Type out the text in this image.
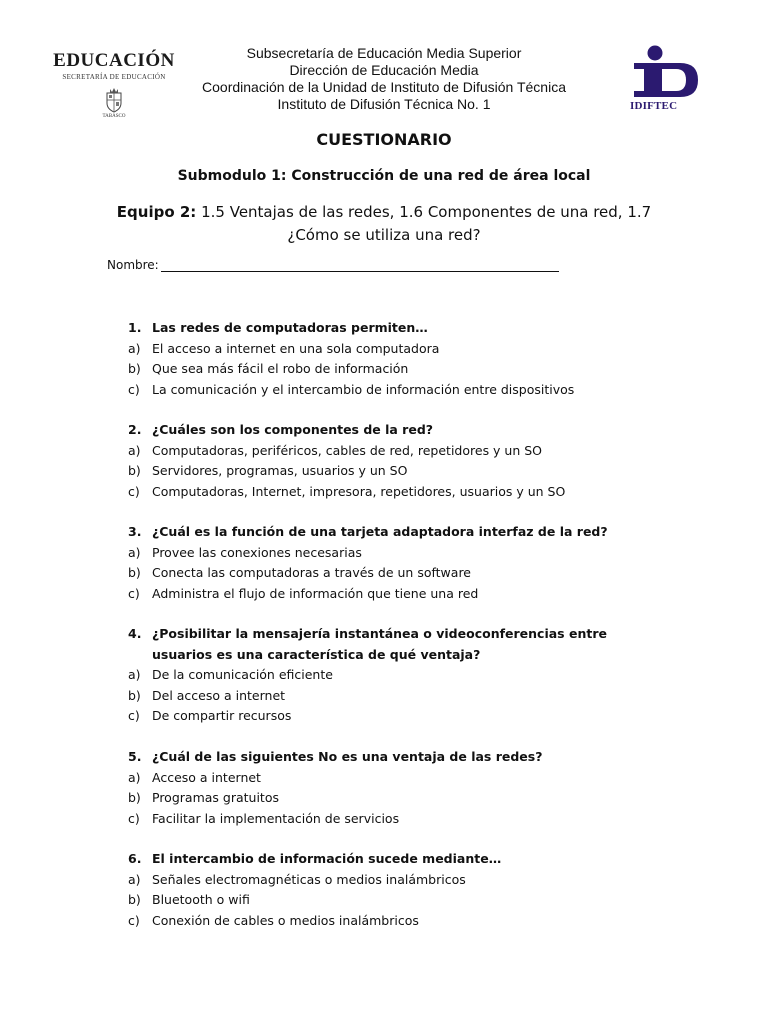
EDUCACIÓN
SECRETARÍA DE EDUCACIÓN
TABASCO
Subsecretaría de Educación Media Superior
Dirección de Educación Media
Coordinación de la Unidad de Instituto de Difusión Técnica
Instituto de Difusión Técnica No. 1	IDIFTEC
CUESTIONARIO
Submodulo 1: Construcción de una red de área local
Equipo 2: 1.5 Ventajas de las redes, 1.6 Componentes de una red, 1.7 ¿Cómo se utiliza una red?
Nombre:
1. Las redes de computadoras permiten…
a) El acceso a internet en una sola computadora
b) Que sea más fácil el robo de información
c) La comunicación y el intercambio de información entre dispositivos
2. ¿Cuáles son los componentes de la red?
a) Computadoras, periféricos, cables de red, repetidores y un SO
b) Servidores, programas, usuarios y un SO
c) Computadoras, Internet, impresora, repetidores, usuarios y un SO
3. ¿Cuál es la función de una tarjeta adaptadora interfaz de la red?
a) Provee las conexiones necesarias
b) Conecta las computadoras a través de un software
c) Administra el flujo de información que tiene una red
4. ¿Posibilitar la mensajería instantánea o videoconferencias entre usuarios es una característica de qué ventaja?
a) De la comunicación eficiente
b) Del acceso a internet
c) De compartir recursos
5. ¿Cuál de las siguientes No es una ventaja de las redes?
a) Acceso a internet
b) Programas gratuitos
c) Facilitar la implementación de servicios
6. El intercambio de información sucede mediante…
a) Señales electromagnéticas o medios inalámbricos
b) Bluetooth o wifi
c) Conexión de cables o medios inalámbricos
